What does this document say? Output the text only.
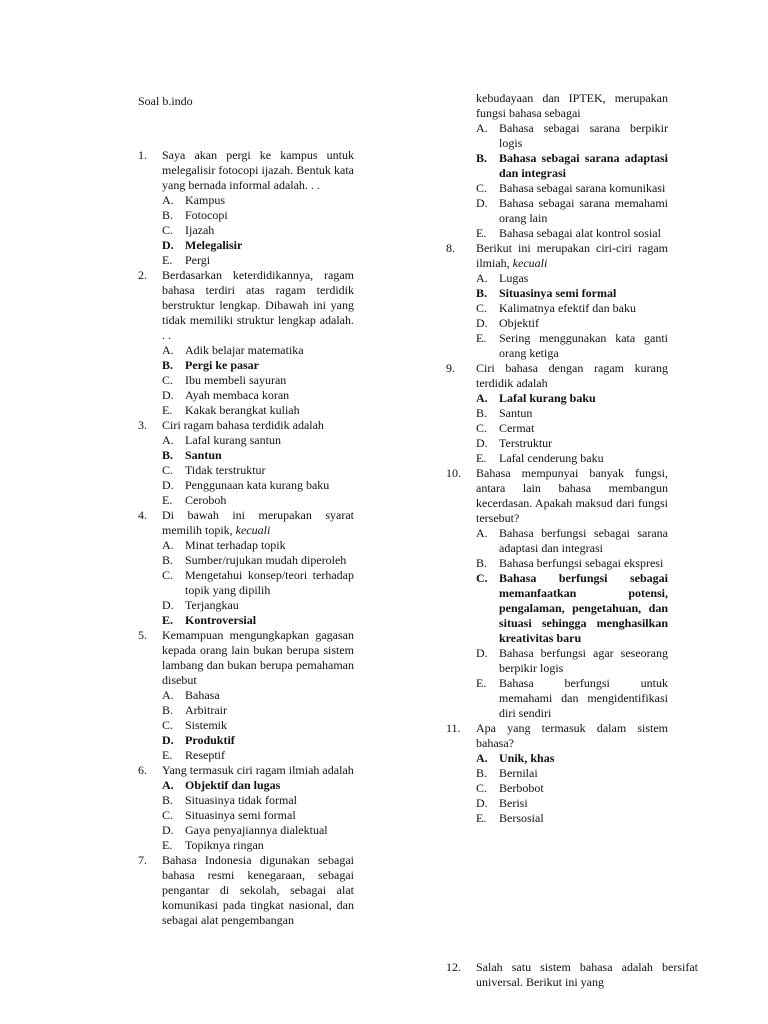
Soal b.indo
1.	Saya akan pergi ke kampus untuk melegalisir fotocopi ijazah. Bentuk kata yang bernada informal adalah. . .
A. Kampus
B. Fotocopi
C. Ijazah
D. Melegalisir
E. Pergi
2.	Berdasarkan keterdidikannya, ragam bahasa terdiri atas ragam terdidik berstruktur lengkap. Dibawah ini yang tidak memiliki struktur lengkap adalah. . .
A. Adik belajar matematika
B. Pergi ke pasar
C. Ibu membeli sayuran
D. Ayah membaca koran
E. Kakak berangkat kuliah
3.	Ciri ragam bahasa terdidik adalah
A. Lafal kurang santun
B. Santun
C. Tidak terstruktur
D. Penggunaan kata kurang baku
E. Ceroboh
4.	Di bawah ini merupakan syarat memilih topik, kecuali
A. Minat terhadap topik
B. Sumber/rujukan mudah diperoleh
C. Mengetahui konsep/teori terhadap topik yang dipilih
D. Terjangkau
E. Kontroversial
5.	Kemampuan mengungkapkan gagasan kepada orang lain bukan berupa sistem lambang dan bukan berupa pemahaman disebut
A. Bahasa
B. Arbitrair
C. Sistemik
D. Produktif
E. Reseptif
6.	Yang termasuk ciri ragam ilmiah adalah
A. Objektif dan lugas
B. Situasinya tidak formal
C. Situasinya semi formal
D. Gaya penyajiannya dialektual
E. Topiknya ringan
7.	Bahasa Indonesia digunakan sebagai bahasa resmi kenegaraan, sebagai pengantar di sekolah, sebagai alat komunikasi pada tingkat nasional, dan sebagai alat pengembangan
kebudayaan dan IPTEK, merupakan fungsi bahasa sebagai
A. Bahasa sebagai sarana berpikir logis
B. Bahasa sebagai sarana adaptasi dan integrasi
C. Bahasa sebagai sarana komunikasi
D. Bahasa sebagai sarana memahami orang lain
E. Bahasa sebagai alat kontrol sosial
8.	Berikut ini merupakan ciri-ciri ragam ilmiah, kecuali
A. Lugas
B. Situasinya semi formal
C. Kalimatnya efektif dan baku
D. Objektif
E. Sering menggunakan kata ganti orang ketiga
9.	Ciri bahasa dengan ragam kurang terdidik adalah
A. Lafal kurang baku
B. Santun
C. Cermat
D. Terstruktur
E. Lafal cenderung baku
10.	Bahasa mempunyai banyak fungsi, antara lain bahasa membangun kecerdasan. Apakah maksud dari fungsi tersebut?
A. Bahasa berfungsi sebagai sarana adaptasi dan integrasi
B. Bahasa berfungsi sebagai ekspresi
C. Bahasa berfungsi sebagai memanfaatkan potensi, pengalaman, pengetahuan, dan situasi sehingga menghasilkan kreativitas baru
D. Bahasa berfungsi agar seseorang berpikir logis
E. Bahasa berfungsi untuk memahami dan mengidentifikasi diri sendiri
11.	Apa yang termasuk dalam sistem bahasa?
A. Unik, khas
B. Bernilai
C. Berbobot
D. Berisi
E. Bersosial
12.	Salah satu sistem bahasa adalah bersifat universal. Berikut ini yang
